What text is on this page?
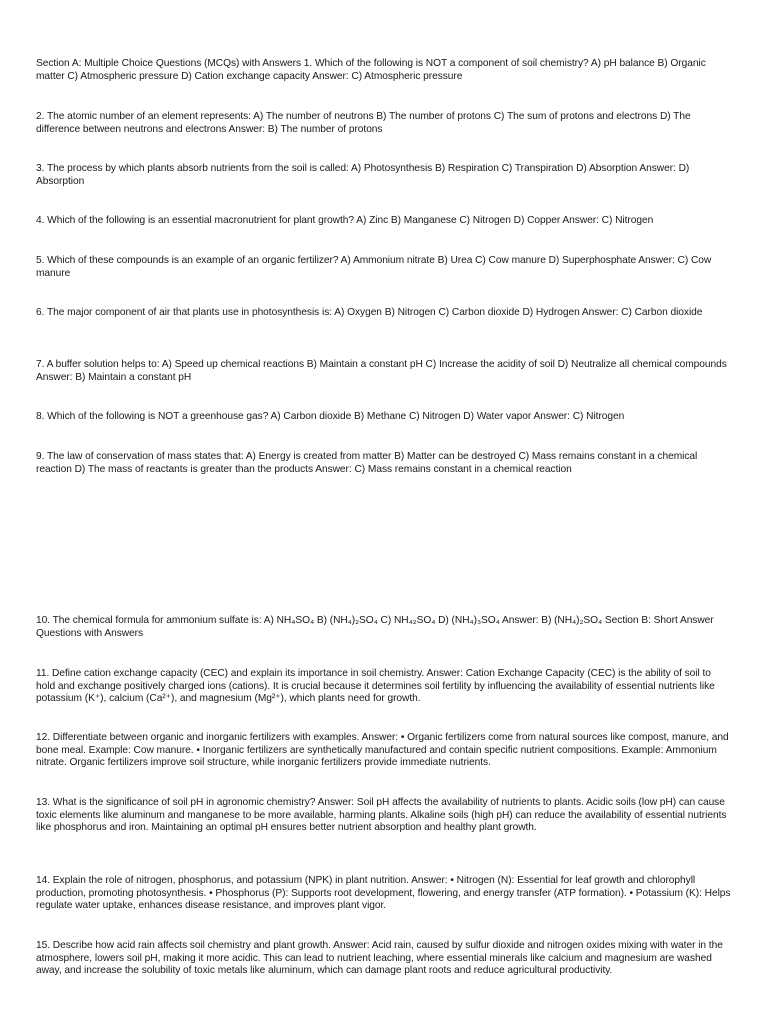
Section A: Multiple Choice Questions (MCQs) with Answers 1. Which of the following is NOT a component of soil chemistry? A) pH balance B) Organic matter C) Atmospheric pressure D) Cation exchange capacity Answer: C) Atmospheric pressure

2. The atomic number of an element represents: A) The number of neutrons B) The number of protons C) The sum of protons and electrons D) The difference between neutrons and electrons Answer: B) The number of protons

3. The process by which plants absorb nutrients from the soil is called: A) Photosynthesis B) Respiration C) Transpiration D) Absorption Answer: D) Absorption

4. Which of the following is an essential macronutrient for plant growth? A) Zinc B) Manganese C) Nitrogen D) Copper Answer: C) Nitrogen

5. Which of these compounds is an example of an organic fertilizer? A) Ammonium nitrate B) Urea C) Cow manure D) Superphosphate Answer: C) Cow manure

6. The major component of air that plants use in photosynthesis is: A) Oxygen B) Nitrogen C) Carbon dioxide D) Hydrogen Answer: C) Carbon dioxide

7. A buffer solution helps to: A) Speed up chemical reactions B) Maintain a constant pH C) Increase the acidity of soil D) Neutralize all chemical compounds Answer: B) Maintain a constant pH

8. Which of the following is NOT a greenhouse gas? A) Carbon dioxide B) Methane C) Nitrogen D) Water vapor Answer: C) Nitrogen

9. The law of conservation of mass states that: A) Energy is created from matter B) Matter can be destroyed C) Mass remains constant in a chemical reaction D) The mass of reactants is greater than the products Answer: C) Mass remains constant in a chemical reaction

10. The chemical formula for ammonium sulfate is: A) NH₄SO₄ B) (NH₄)₂SO₄ C) NH₄₂SO₄ D) (NH₄)₃SO₄ Answer: B) (NH₄)₂SO₄ Section B: Short Answer Questions with Answers

11. Define cation exchange capacity (CEC) and explain its importance in soil chemistry. Answer: Cation Exchange Capacity (CEC) is the ability of soil to hold and exchange positively charged ions (cations). It is crucial because it determines soil fertility by influencing the availability of essential nutrients like potassium (K⁺), calcium (Ca²⁺), and magnesium (Mg²⁺), which plants need for growth.

12. Differentiate between organic and inorganic fertilizers with examples. Answer: • Organic fertilizers come from natural sources like compost, manure, and bone meal. Example: Cow manure. • Inorganic fertilizers are synthetically manufactured and contain specific nutrient compositions. Example: Ammonium nitrate. Organic fertilizers improve soil structure, while inorganic fertilizers provide immediate nutrients.

13. What is the significance of soil pH in agronomic chemistry? Answer: Soil pH affects the availability of nutrients to plants. Acidic soils (low pH) can cause toxic elements like aluminum and manganese to be more available, harming plants. Alkaline soils (high pH) can reduce the availability of essential nutrients like phosphorus and iron. Maintaining an optimal pH ensures better nutrient absorption and healthy plant growth.

14. Explain the role of nitrogen, phosphorus, and potassium (NPK) in plant nutrition. Answer: • Nitrogen (N): Essential for leaf growth and chlorophyll production, promoting photosynthesis. • Phosphorus (P): Supports root development, flowering, and energy transfer (ATP formation). • Potassium (K): Helps regulate water uptake, enhances disease resistance, and improves plant vigor.

15. Describe how acid rain affects soil chemistry and plant growth. Answer: Acid rain, caused by sulfur dioxide and nitrogen oxides mixing with water in the atmosphere, lowers soil pH, making it more acidic. This can lead to nutrient leaching, where essential minerals like calcium and magnesium are washed away, and increase the solubility of toxic metals like aluminum, which can damage plant roots and reduce agricultural productivity.
